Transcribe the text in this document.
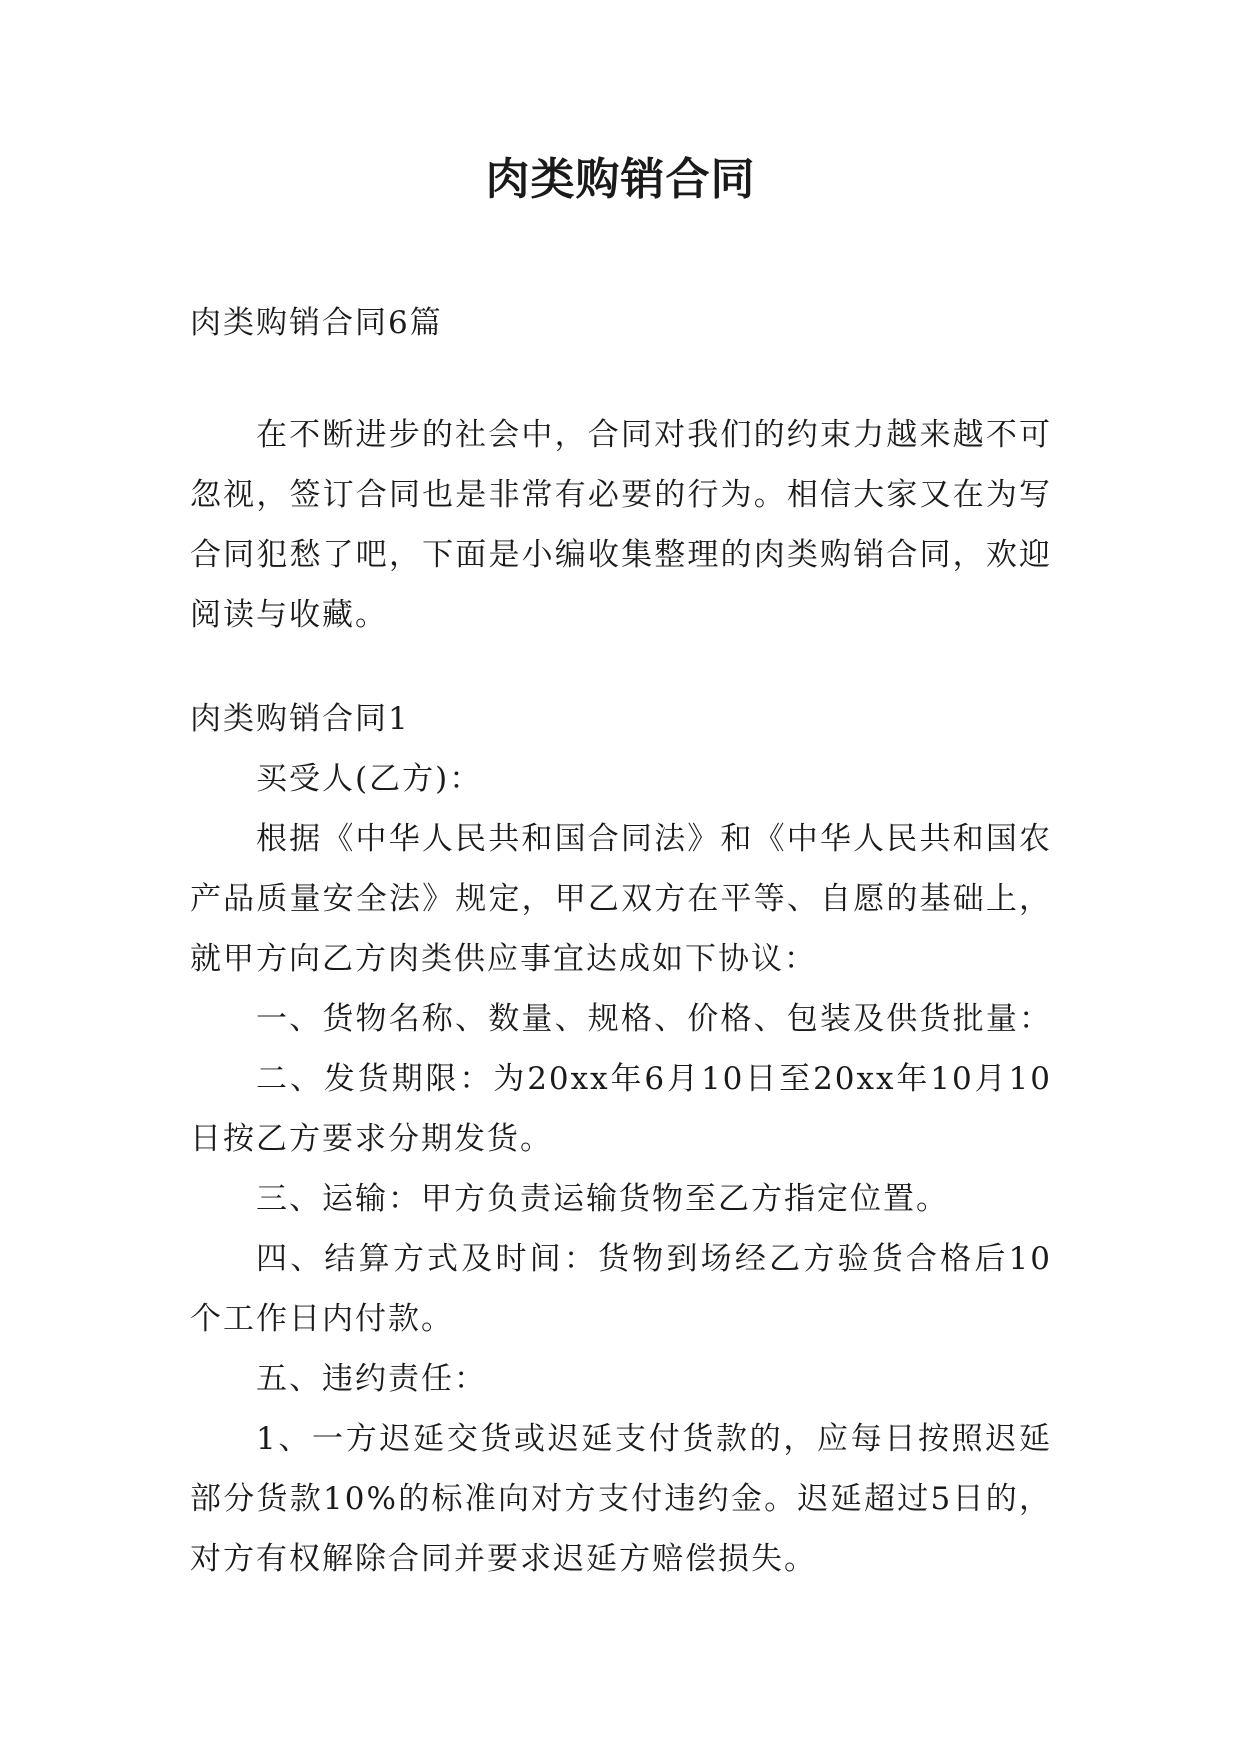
肉类购销合同

肉类购销合同6篇

在不断进步的社会中，合同对我们的约束力越来越不可

忽视，签订合同也是非常有必要的行为。相信大家又在为写

合同犯愁了吧，下面是小编收集整理的肉类购销合同，欢迎

阅读与收藏。

肉类购销合同1

买受人(乙方)：

根据《中华人民共和国合同法》和《中华人民共和国农

产品质量安全法》规定，甲乙双方在平等、自愿的基础上，

就甲方向乙方肉类供应事宜达成如下协议：

一、货物名称、数量、规格、价格、包装及供货批量：

二、发货期限：为20xx年6月10日至20xx年10月10

日按乙方要求分期发货。

三、运输：甲方负责运输货物至乙方指定位置。

四、结算方式及时间：货物到场经乙方验货合格后10

个工作日内付款。

五、违约责任：

1、一方迟延交货或迟延支付货款的，应每日按照迟延

部分货款10%的标准向对方支付违约金。迟延超过5日的，

对方有权解除合同并要求迟延方赔偿损失。
